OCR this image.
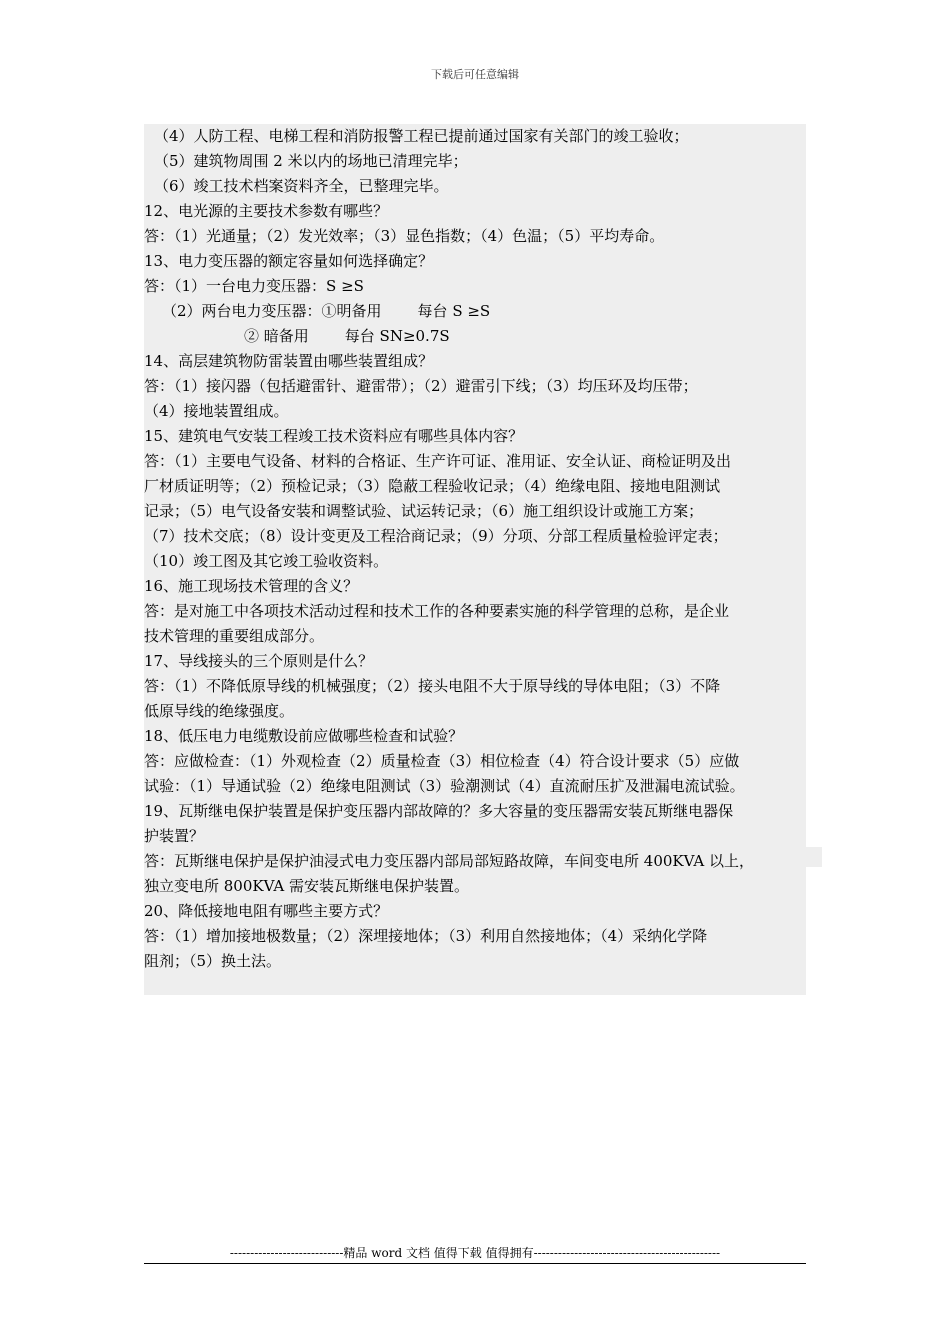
下载后可任意编辑
（4）人防工程、电梯工程和消防报警工程已提前通过国家有关部门的竣工验收；
（5）建筑物周围 2 米以内的场地已清理完毕；
（6）竣工技术档案资料齐全，已整理完毕。
12、电光源的主要技术参数有哪些？
答：（1）光通量；（2）发光效率；（3）显色指数；（4）色温；（5）平均寿命。
13、电力变压器的额定容量如何选择确定？
答：（1）一台电力变压器：S ≥S
（2）两台电力变压器：①明备用 每台 S ≥S
② 暗备用 每台 SN≥0.7S
14、高层建筑物防雷装置由哪些装置组成？
答：（1）接闪器（包括避雷针、避雷带）；（2）避雷引下线；（3）均压环及均压带；
（4）接地装置组成。
15、建筑电气安装工程竣工技术资料应有哪些具体内容？
答：（1）主要电气设备、材料的合格证、生产许可证、准用证、安全认证、商检证明及出
厂材质证明等；（2）预检记录；（3）隐蔽工程验收记录；（4）绝缘电阻、接地电阻测试
记录；（5）电气设备安装和调整试验、试运转记录；（6）施工组织设计或施工方案；
（7）技术交底；（8）设计变更及工程洽商记录；（9）分项、分部工程质量检验评定表；
（10）竣工图及其它竣工验收资料。
16、施工现场技术管理的含义？
答：是对施工中各项技术活动过程和技术工作的各种要素实施的科学管理的总称，是企业
技术管理的重要组成部分。
17、导线接头的三个原则是什么？
答：（1）不降低原导线的机械强度；（2）接头电阻不大于原导线的导体电阻；（3）不降
低原导线的绝缘强度。
18、低压电力电缆敷设前应做哪些检查和试验？
答：应做检查：（1）外观检查（2）质量检查（3）相位检查（4）符合设计要求（5）应做
试验：（1）导通试验（2）绝缘电阻测试（3）验潮测试（4）直流耐压扩及泄漏电流试验。
19、瓦斯继电保护装置是保护变压器内部故障的？多大容量的变压器需安装瓦斯继电器保
护装置？
答：瓦斯继电保护是保护油浸式电力变压器内部局部短路故障，车间变电所 400KVA 以上，
独立变电所 800KVA 需安装瓦斯继电保护装置。
20、降低接地电阻有哪些主要方式？
答：（1）增加接地极数量；（2）深埋接地体；（3）利用自然接地体；（4）采纳化学降
阻剂；（5）换土法。
----------------------------精品 word 文档 值得下载 值得拥有----------------------------------------------
